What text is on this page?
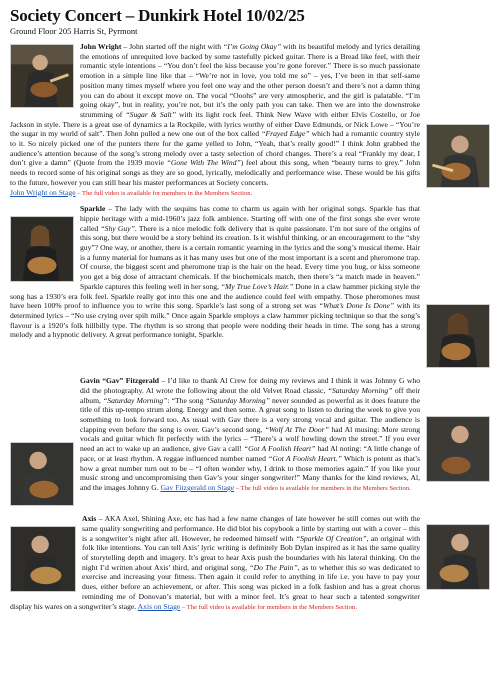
Society Concert – Dunkirk Hotel 10/02/25
Ground Floor 205 Harris St, Pyrmont

John Wright – John started off the night with “I’m Going Okay” with its beautiful melody and lyrics detailing the emotions of unrequited love backed by some tastefully picked guitar. There is a Bread like feel, with their romantic style intentions – “You don’t feel the kiss because you’re gone forever.” There is so much passionate emotion in a simple line like that – “We’re not in love, you told me so” – yes, I’ve been in that self-same position many times myself where you feel one way and the other person doesn’t and there’s not a damn thing you can do about it except move on. The vocal “Ooohs” are very atmospheric, and the girl is palatable. “I’m going okay”, but in reality, you’re not, but it’s the only path you can take. Then we are into the downstroke strumming of “Sugar & Salt” with its light rock feel. Think New Wave with either Elvis Costello, or Joe Jackson in style. There is a great use of dynamics a la Rockpile, with lyrics worthy of either Dave Edmunds, or Nick Lowe – “You’re the sugar in my world of salt”. Then John pulled a new one out of the box called “Frayed Edge” which had a romantic country style to it. So nicely picked one of the punters there for the game yelled to John, “Yeah, that’s really good!” I think John grabbed the audience’s attention because of the song’s strong melody over a tasty selection of chord changes. There’s a real “Frankly my dear, I don’t give a damn” (Quote from the 1939 movie “Gone With The Wind”) feel about this song, when “beauty turns to grey.” John needs to record some of his original songs as they are so good, lyrically, melodically and performance wise. These would be his gifts to the future, however you can still hear his master performances at Society concerts.
John Wright on Stage – The full video is available for members in the Members Section.

Sparkle – The lady with the sequins has come to charm us again with her original songs. Sparkle has that hippie heritage with a mid-1960’s jazz folk ambience. Starting off with one of the first songs she ever wrote called “Shy Guy”. There is a nice melodic folk delivery that is quite passionate. I’m not sure of the origins of this song, but there would be a story behind its creation. Is it wishful thinking, or an encouragement to the “shy guy”? One way, or another, there is a certain romantic yearning in the lyrics and the song’s musical theme. Hair is a funny material for humans as it has many uses but one of the most important is a scent and pheromone trap. Of course, the biggest scent and pheromone trap is the hair on the head. Every time you hug, or kiss someone you get a big dose of attractant chemicals. If the biochemicals match, then there’s “a match made in heaven.” Sparkle captures this feeling well in her song, “My True Love’s Hair.” Done in a claw hammer picking style the song has a 1930’s era folk feel. Sparkle really got into this one and the audience could feel with empathy. Those pheromones must have been 100% proof to influence you to write this song. Sparkle’s last song of a strong set was “What’s Done Is Done” with its determined lyrics – “No use crying over spilt milk.” Once again Sparkle employs a claw hammer picking technique so that the song’s flavour is a 1920’s folk hillbilly type. The rhythm is so strong that people were nodding their heads in time. The song has a strong melody and a hypnotic delivery. A great performance tonight, Sparkle.

Gavin “Gav” Fitzgerald – I’d like to thank Al Crew for doing my reviews and I think it was Johnny G who did the photography. Al wrote the following about the old Velvet Road classic, “Saturday Morning” off their album, “Saturday Morning”: “The song “Saturday Morning” never sounded as powerful as it does feature the title of this up-tempo strum along. Energy and then some. A great song to listen to during the week to give you something to look forward too. As usual with Gav there is a very strong vocal and guitar. The audience is clapping even before the song is over. Gav’s second song, “Wolf At The Door” had Al musing: More strong vocals and guitar which fit perfectly with the lyrics – “There’s a wolf howling down the street.” If you ever need an act to wake up an audience, give Gav a call! “Got A Foolish Heart” had Al noting: “A little change of pace, or at least rhythm. A reggae influenced number named “Got A Foolish Heart.” Which is potent as that’s how a great number turn out to be – “I often wonder why, I drink to those memories again.” If you like your music strong and uncompromising then Gav’s your singer songwriter!” Many thanks for the kind reviews, Al, and the images Johnny G. Gav Fitzgerald on Stage – The full video is available for members in the Members Section.

Axis – AKA Axel, Shining Axe, etc has had a few name changes of late however he still comes out with the same quality songwriting and performance. He did blot his copybook a little by starting out with a cover – this is a songwriter’s night after all. However, he redeemed himself with “Sparkle Of Creation”, an original with folk like intentions. You can tell Axis’ lyric writing is definitely Bob Dylan inspired as it has the same quality of storytelling depth and imagery. It’s great to hear Axis push the boundaries with his lateral thinking. On the night I’d written about Axis’ third, and original song, “Do The Pain”, as to whether this so was dedicated to exercise and increasing your fitness. Then again it could refer to anything in life i.e. you have to pay your dues, either before an achievement, or after. This song was picked in a folk fashion and has a great chorus reminding me of Donovan’s material, but with a minor feel. It’s great to hear such a talented songwriter display his wares on a songwriter’s stage. Axis on Stage – The full video is available for members in the Members Section.
